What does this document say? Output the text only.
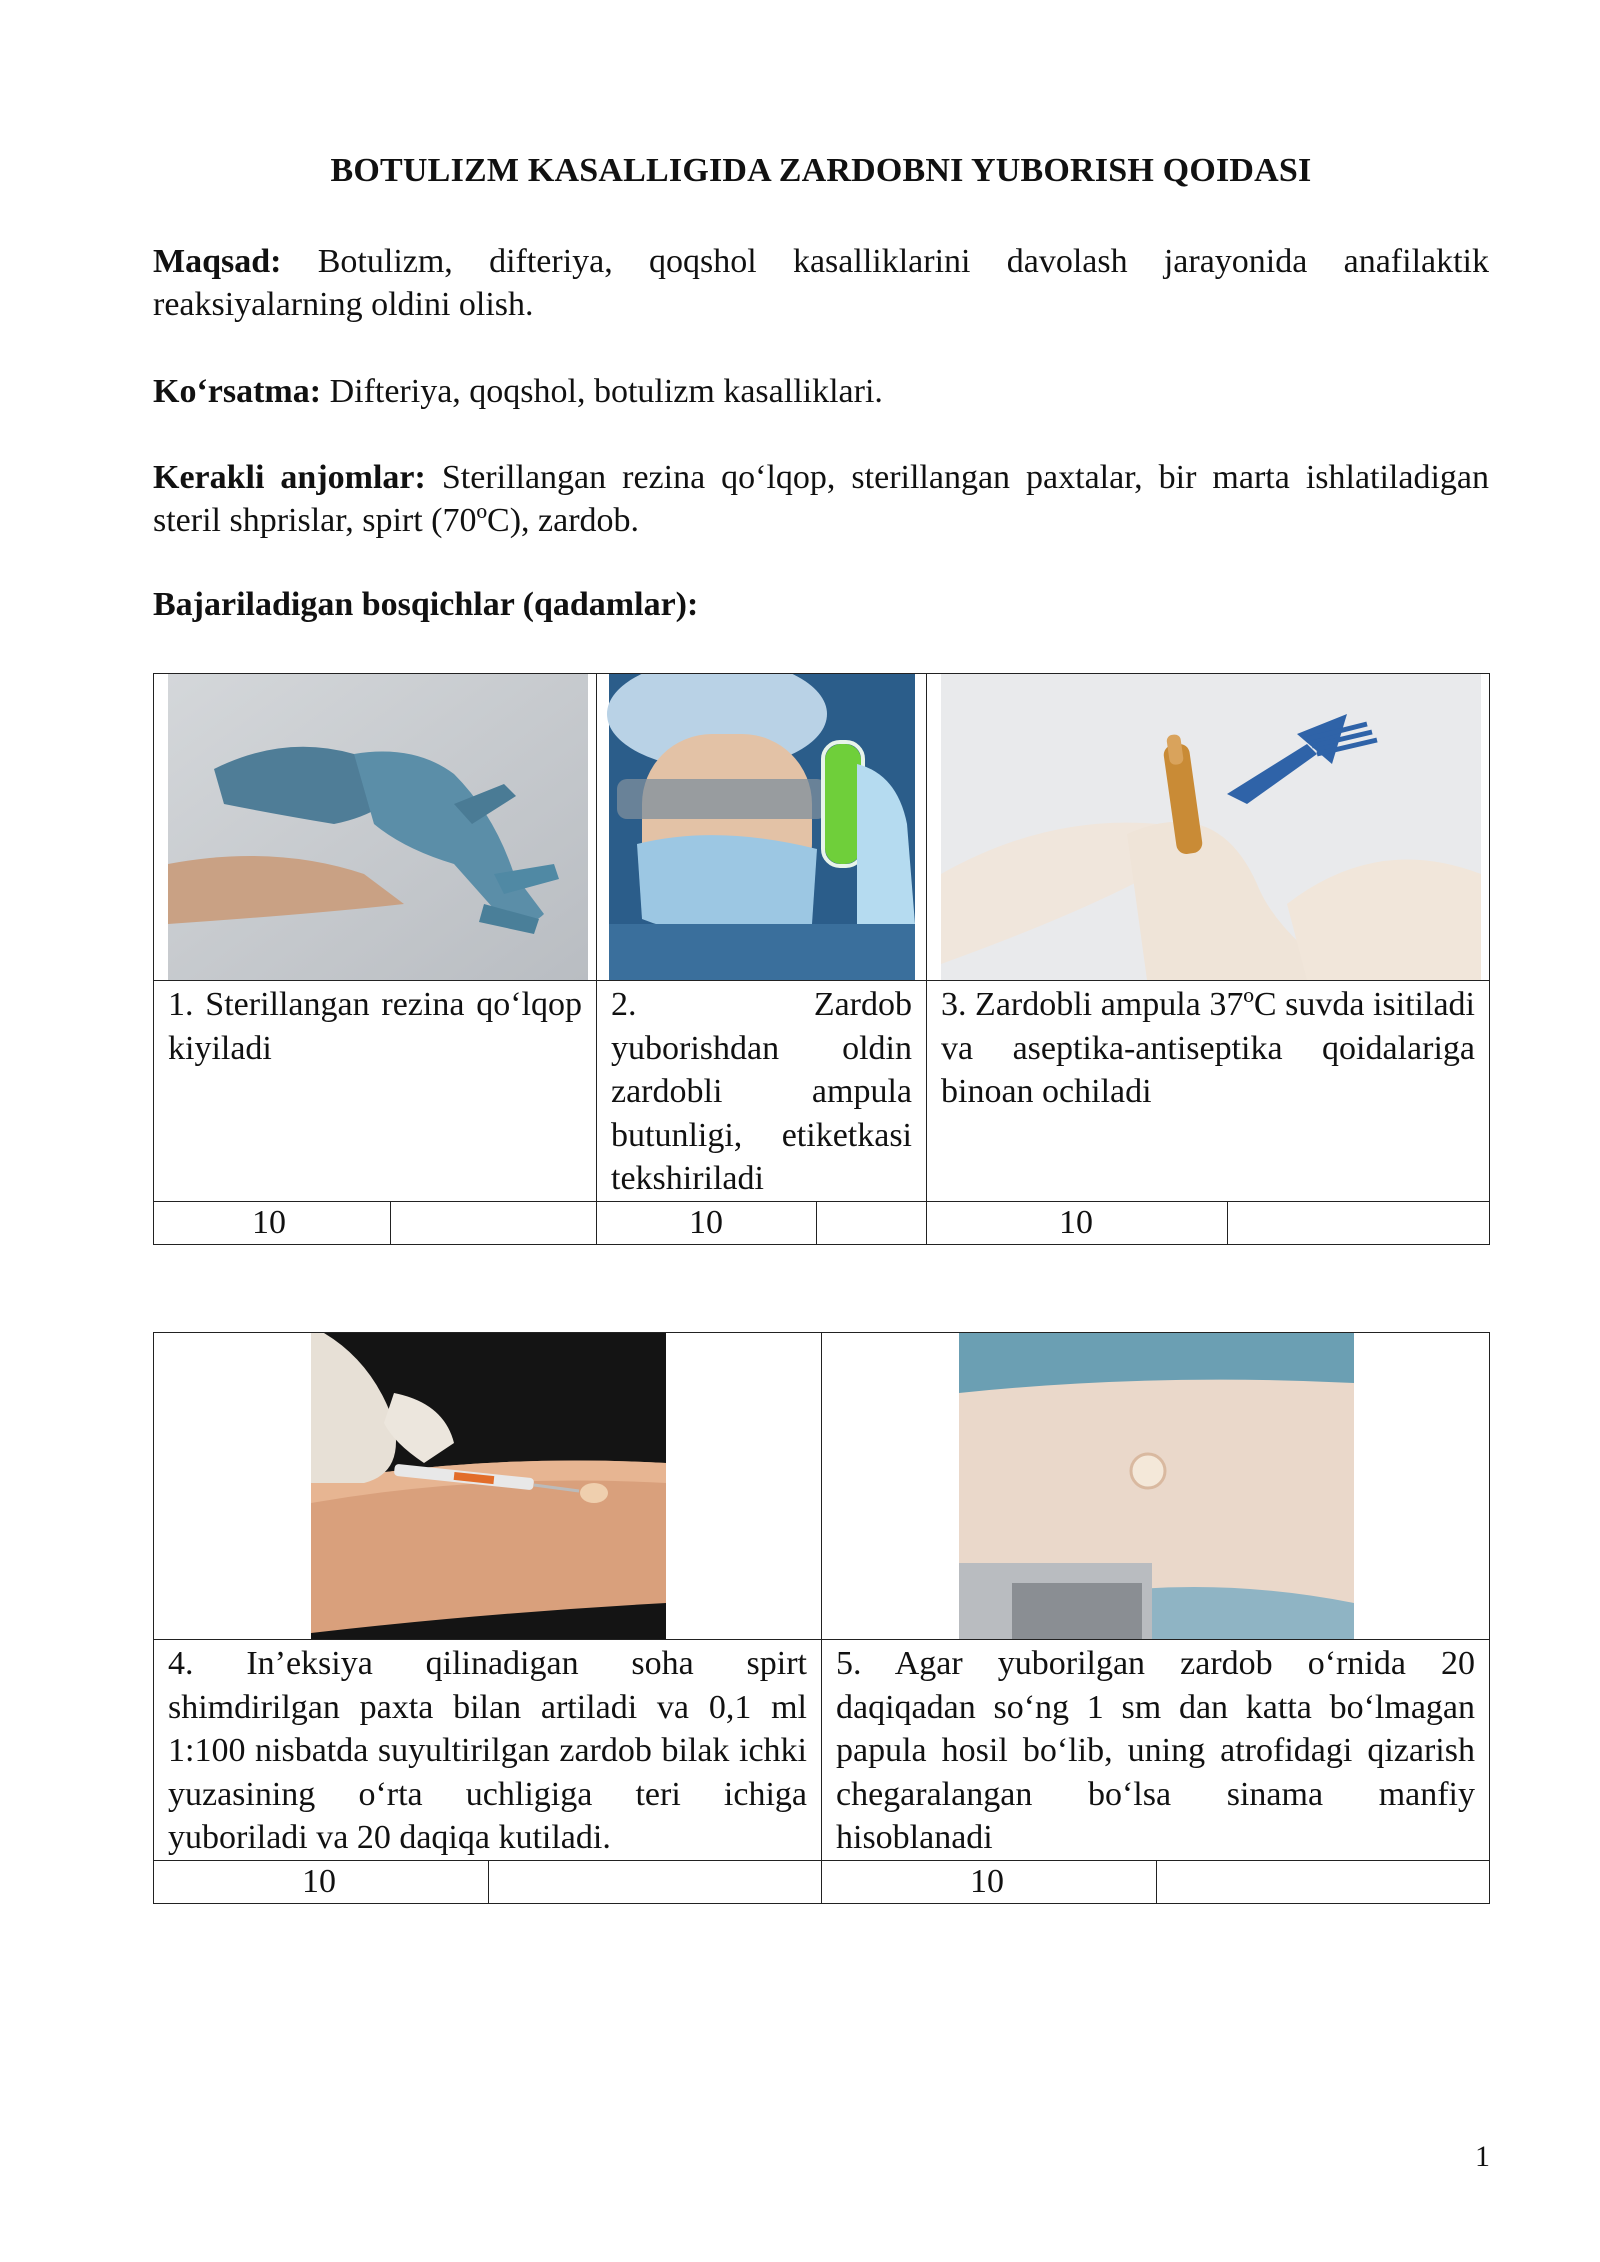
BOTULIZM KASALLIGIDA ZARDOBNI YUBORISH QOIDASI
Maqsad: Botulizm, difteriya, qoqshol kasalliklarini davolash jarayonida anafilaktik reaksiyalarning oldini olish.
Ko‘rsatma: Difteriya, qoqshol, botulizm kasalliklari.
Kerakli anjomlar: Sterillangan rezina qo‘lqop, sterillangan paxtalar, bir marta ishlatiladigan steril shprislar, spirt (70ºC), zardob.
Bajariladigan bosqichlar (qadamlar):

1. Sterillangan rezina qo‘lqop kiyiladi	2. Zardob yuborishdan oldin zardobli ampula butunligi, etiketkasi tekshiriladi	3. Zardobli ampula 37ºC suvda isitiladi va aseptika-antiseptika qoidalariga binoan ochiladi

10	10	10

4. In’eksiya qilinadigan soha spirt shimdirilgan paxta bilan artiladi va 0,1 ml 1:100 nisbatda suyultirilgan zardob bilak ichki yuzasining o‘rta uchligiga teri ichiga yuboriladi va 20 daqiqa kutiladi.	5. Agar yuborilgan zardob o‘rnida 20 daqiqadan so‘ng 1 sm dan katta bo‘lmagan papula hosil bo‘lib, uning atrofidagi qizarish chegaralangan bo‘lsa sinama manfiy hisoblanadi

10	10
1
